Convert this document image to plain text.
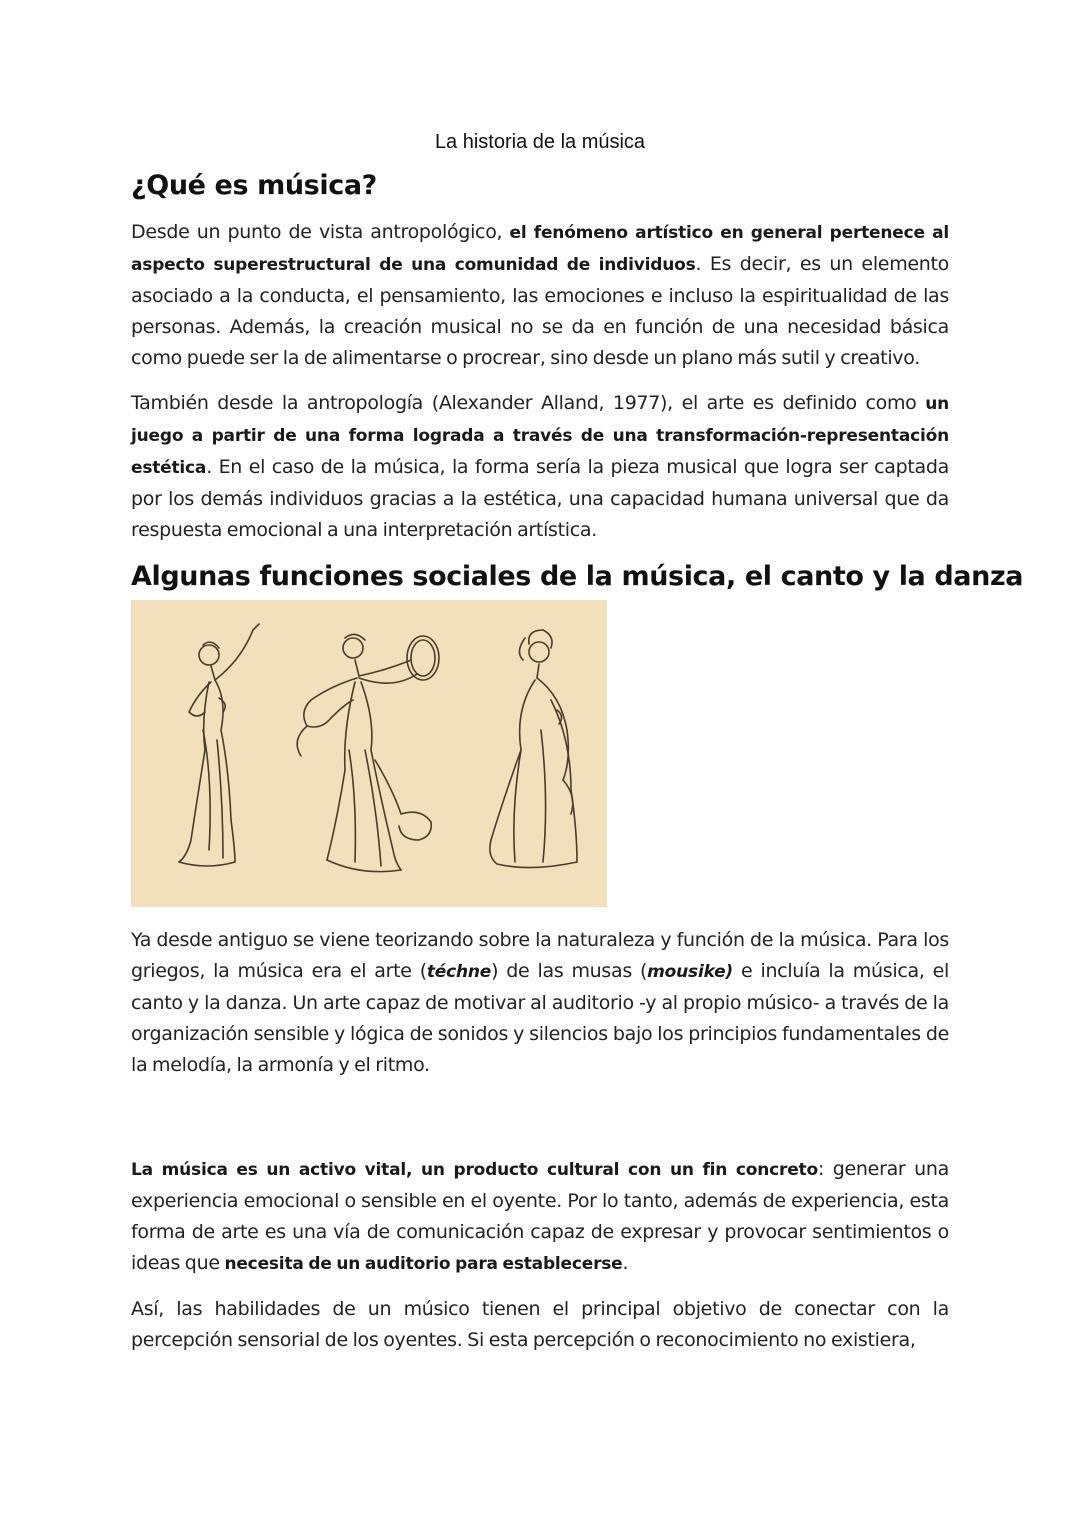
La historia de la música
¿Qué es música?

Desde un punto de vista antropológico, el fenómeno artístico en general pertenece al aspecto superestructural de una comunidad de individuos. Es decir, es un elemento asociado a la conducta, el pensamiento, las emociones e incluso la espiritualidad de las personas. Además, la creación musical no se da en función de una necesidad básica como puede ser la de alimentarse o procrear, sino desde un plano más sutil y creativo.

También desde la antropología (Alexander Alland, 1977), el arte es definido como un juego a partir de una forma lograda a través de una transformación-representación estética. En el caso de la música, la forma sería la pieza musical que logra ser captada por los demás individuos gracias a la estética, una capacidad humana universal que da respuesta emocional a una interpretación artística.

Algunas funciones sociales de la música, el canto y la danza

Ya desde antiguo se viene teorizando sobre la naturaleza y función de la música. Para los griegos, la música era el arte (téchne) de las musas (mousike) e incluía la música, el canto y la danza. Un arte capaz de motivar al auditorio -y al propio músico- a través de la organización sensible y lógica de sonidos y silencios bajo los principios fundamentales de la melodía, la armonía y el ritmo.

La música es un activo vital, un producto cultural con un fin concreto: generar una experiencia emocional o sensible en el oyente. Por lo tanto, además de experiencia, esta forma de arte es una vía de comunicación capaz de expresar y provocar sentimientos o ideas que necesita de un auditorio para establecerse.

Así, las habilidades de un músico tienen el principal objetivo de conectar con la percepción sensorial de los oyentes. Si esta percepción o reconocimiento no existiera,
